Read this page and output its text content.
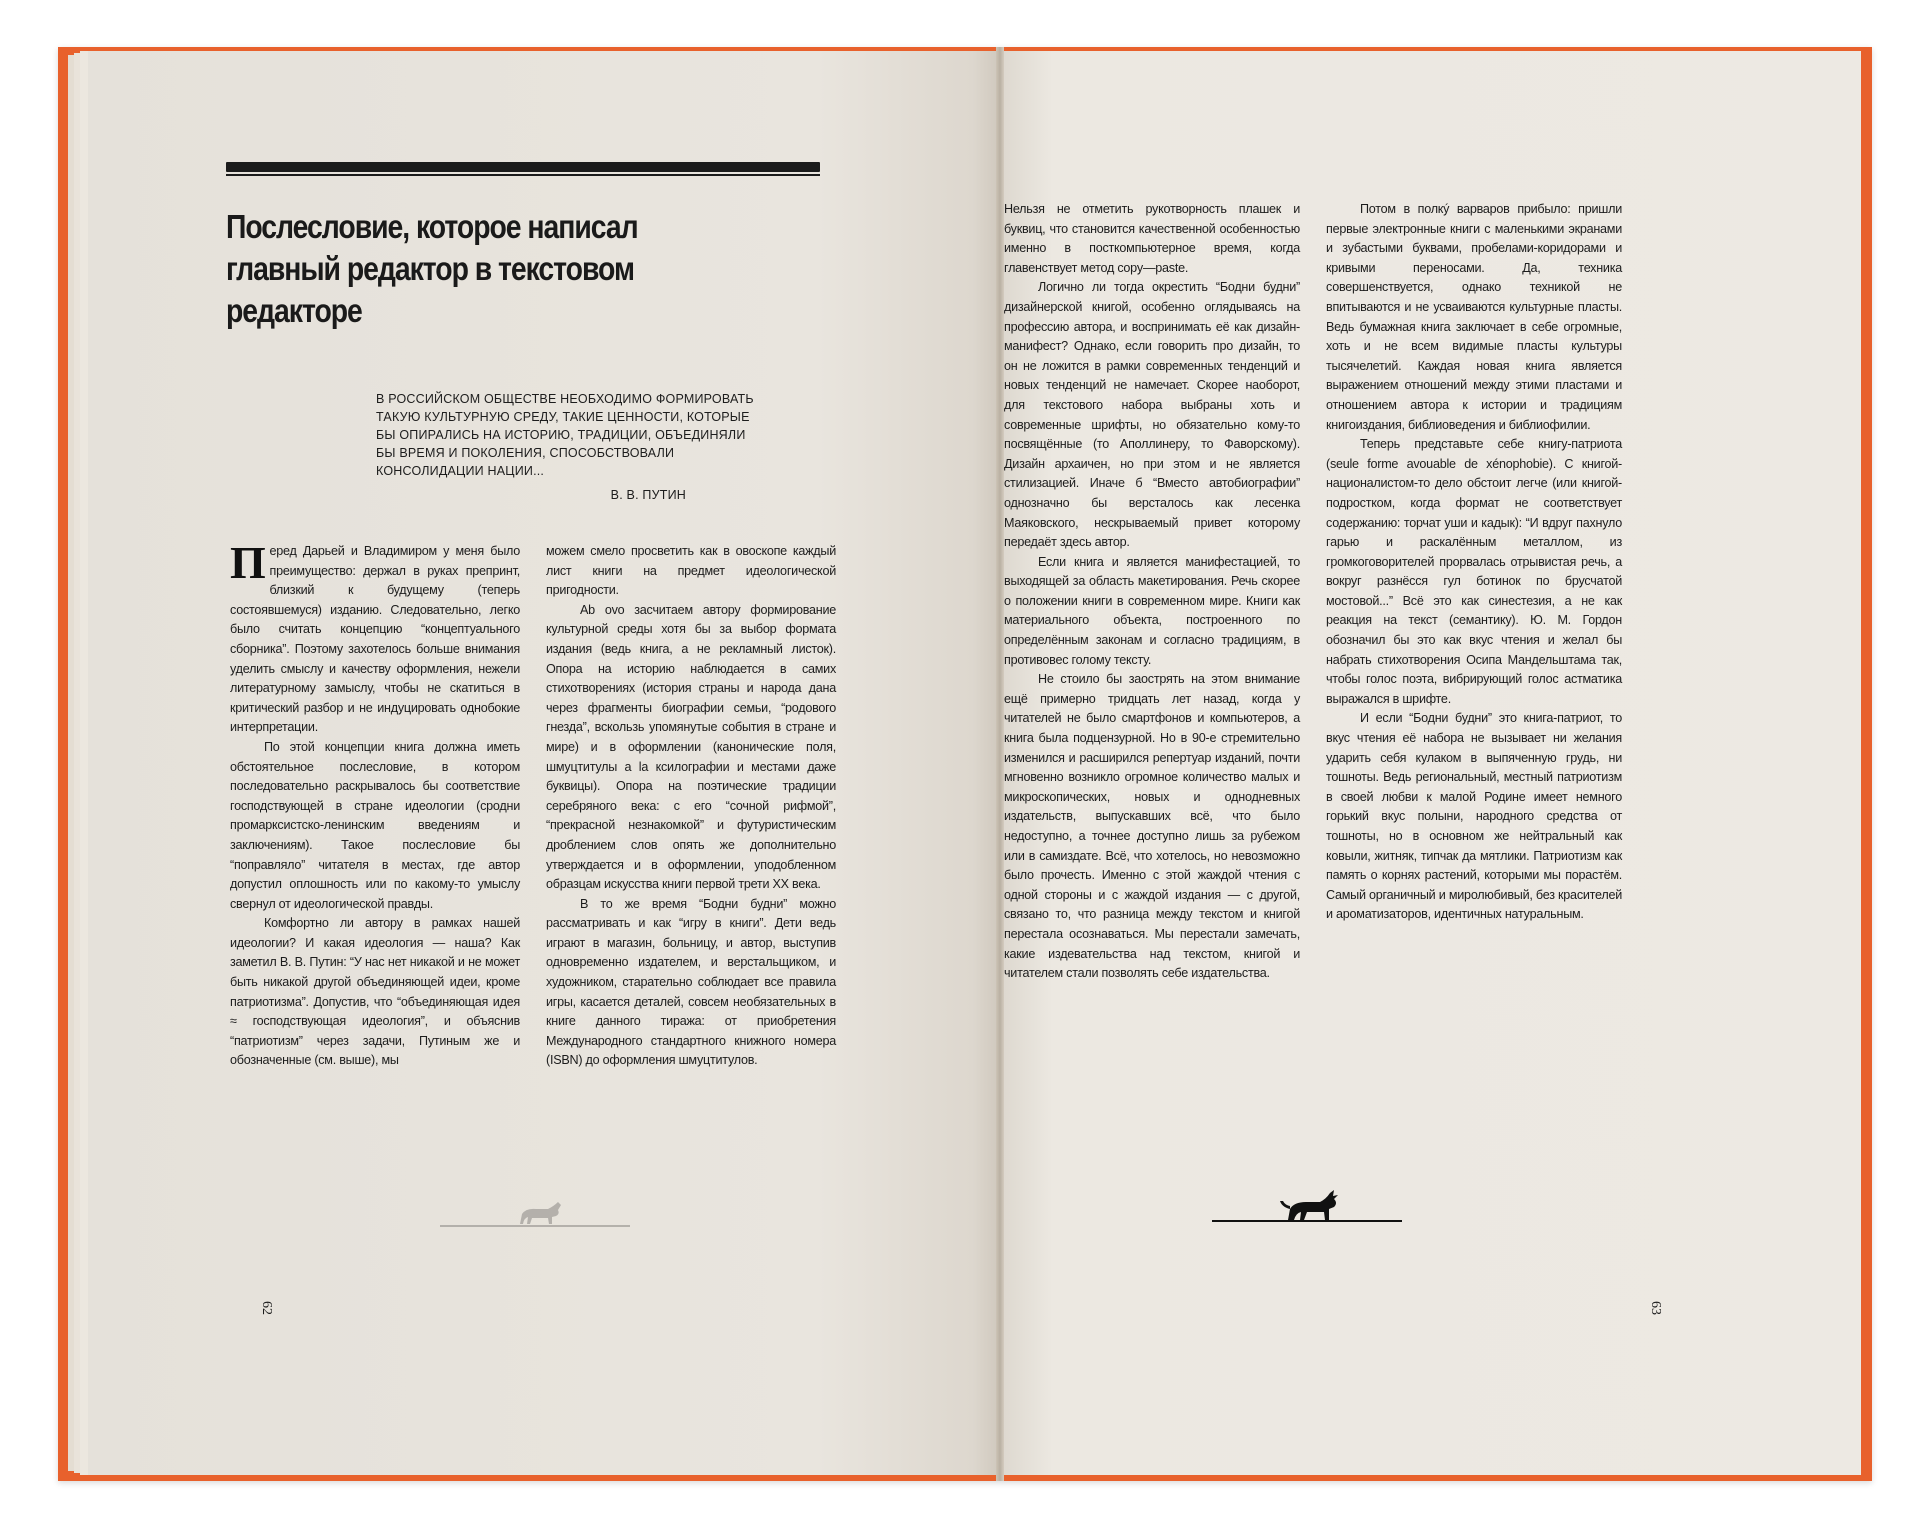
Послесловие, которое написал
главный редактор в текстовом редакторе
В РОССИЙСКОМ ОБЩЕСТВЕ НЕОБХОДИМО ФОРМИРОВАТЬ ТАКУЮ КУЛЬТУРНУЮ СРЕДУ, ТАКИЕ ЦЕННОСТИ, КОТОРЫЕ БЫ ОПИРАЛИСЬ НА ИСТОРИЮ, ТРАДИЦИИ, ОБЪЕДИНЯЛИ БЫ ВРЕМЯ И ПОКОЛЕНИЯ, СПОСОБСТВОВАЛИ КОНСОЛИДАЦИИ НАЦИИ...
В. В. ПУТИН

Перед Дарьей и Владимиром у меня было преимущество: держал в руках препринт, близкий к будущему (теперь состоявшемуся) изданию. Следовательно, легко было считать концепцию “концептуального сборника”. Поэтому захотелось больше внимания уделить смыслу и качеству оформления, нежели литературному замыслу, чтобы не скатиться в критический разбор и не индуцировать однобокие интерпретации.

По этой концепции книга должна иметь обстоятельное послесловие, в котором последовательно раскрывалось бы соответствие господствующей в стране идеологии (сродни промарксистско-ленинским введениям и заключениям). Такое послесловие бы “поправляло” читателя в местах, где автор допустил оплошность или по какому-то умыслу свернул от идеологической правды.

Комфортно ли автору в рамках нашей идеологии? И какая идеология — наша? Как заметил В. В. Путин: “У нас нет никакой и не может быть никакой другой объединяющей идеи, кроме патриотизма”. Допустив, что “объединяющая идея ≈ господствующая идеология”, и объяснив “патриотизм” через задачи, Путиным же и обозначенные (см. выше), мы

можем смело просветить как в овоскопе каждый лист книги на предмет идеологической пригодности.

Ab ovo засчитаем автору формирование культурной среды хотя бы за выбор формата издания (ведь книга, а не рекламный листок). Опора на историю наблюдается в самих стихотворениях (история страны и народа дана через фрагменты биографии семьи, “родового гнезда”, вскользь упомянутые события в стране и мире) и в оформлении (каноничеcкие поля, шмуцтитулы a la ксилографии и местами даже буквицы). Опора на поэтические традиции серебряного века: с его “сочной рифмой”, “прекрасной незнакомкой” и футуристическим дроблением слов опять же дополнительно утверждается и в оформлении, уподобленном образцам искусства книги первой трети XX века.

В то же время “Бодни будни” можно рассматривать и как “игру в книги”. Дети ведь играют в магазин, больницу, и автор, выступив одновременно издателем, и верстальщиком, и художником, старательно соблюдает все правила игры, касается деталей, совсем необязательных в книге данного тиража: от приобретения Международного стандартного книжного номера (ISBN) до оформления шмуцтитулов.

62

Нельзя не отметить рукотворность плашек и буквиц, что становится качественной особенностью именно в посткомпьютерное время, когда главенствует метод copy—paste.

Логично ли тогда окрестить “Бодни будни” дизайнерской книгой, особенно оглядываясь на профессию автора, и воспринимать её как дизайн-манифест? Однако, если говорить про дизайн, то он не ложится в рамки современных тенденций и новых тенденций не намечает. Скорее наоборот, для текстового набора выбраны хоть и современные шрифты, но обязательно кому-то посвящённые (то Аполлинеру, то Фаворскому). Дизайн архаичен, но при этом и не является стилизацией. Иначе б “Вместо автобиографии” однозначно бы версталось как лесенка Маяковского, нескрываемый привет которому передаёт здесь автор.

Если книга и является манифестацией, то выходящей за область макетирования. Речь скорее о положении книги в современном мире. Книги как материального объекта, построенного по определённым законам и согласно традициям, в противовес голому тексту.

Не стоило бы заострять на этом внимание ещё примерно тридцать лет назад, когда у читателей не было смартфонов и компьютеров, а книга была подцензурной. Но в 90-е стремительно изменился и расширился репертуар изданий, почти мгновенно возникло огромное количество малых и микроскопических, новых и однодневных издательств, выпускавших всё, что было недоступно, а точнее доступно лишь за рубежом или в самиздате. Всё, что хотелось, но невозможно было прочесть. Именно с этой жаждой чтения с одной стороны и с жаждой издания — с другой, связано то, что разница между текстом и книгой перестала осознаваться. Мы перестали замечать, какие издевательства над текстом, книгой и читателем стали позволять себе издательства.

Потом в полкý варваров прибыло: пришли первые электронные книги с маленькими экранами и зубастыми буквами, пробелами-коридорами и кривыми переносами. Да, техника совершенствуется, однако техникой не впитываются и не усваиваются культурные пласты. Ведь бумажная книга заключает в себе огромные, хоть и не всем видимые пласты культуры тысячелетий. Каждая новая книга является выражением отношений между этими пластами и отношением автора к истории и традициям книгоиздания, библиоведения и библиофилии.

Теперь представьте себе книгу-патриота (seule forme avouable de xénophobie). С книгой-националистом-то дело обстоит легче (или книгой-подростком, когда формат не соответствует содержанию: торчат уши и кадык): “И вдруг пахнуло гарью и раскалённым металлом, из громкоговорителей прорвалась отрывистая речь, а вокруг разнёсся гул ботинок по брусчатой мостовой...” Всё это как синестезия, а не как реакция на текст (семантику). Ю. М. Гордон обозначил бы это как вкус чтения и желал бы набрать стихотворения Осипа Мандельштама так, чтобы голос поэта, вибрирующий голос астматика выражался в шрифте.

И если “Бодни будни” это книга-патриот, то вкус чтения её набора не вызывает ни желания ударить себя кулаком в выпяченную грудь, ни тошноты. Ведь региональный, местный патриотизм в своей любви к малой Родине имеет немного горький вкус полыни, народного средства от тошноты, но в основном же нейтральный как ковыли, житняк, типчак да мятлики. Патриотизм как память о корнях растений, которыми мы порастём. Самый органичный и миролюбивый, без красителей и ароматизаторов, идентичных натуральным.

63
